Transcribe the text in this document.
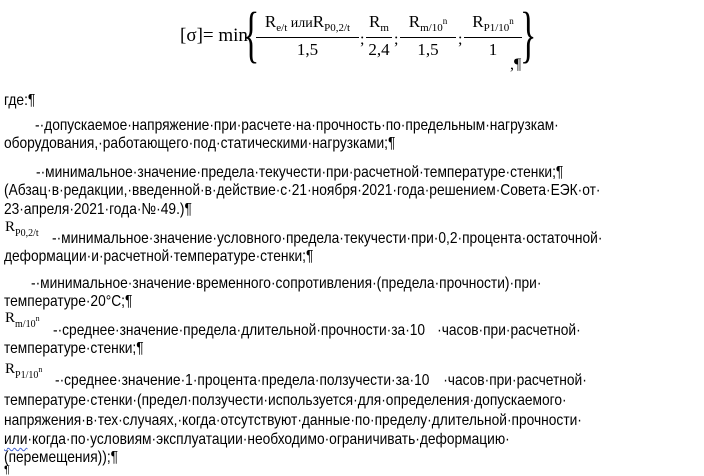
[σ]= min
{ $R_{e/t}$ илиR$_{P0,2/t}$
1,5
;
$R_m$
2,4
;
$R_{m/10}n$
1,5
;
$R_{P1/10}n$
1 }
,¶
где:¶
-·допускаемое·напряжение·при·расчете·на·прочность·по·предельным·нагрузкам·
оборудования,·работающего·под·статическими·нагрузками;¶
-·минимальное·значение·предела·текучести·при·расчетной·температуре·стенки;¶
(Абзац·в·редакции,·введенной·в·действие·с·21·ноября·2021·года·решением·Совета·ЕЭК·от·
23·апреля·2021·года·№·49.)¶
$R_{P0,2/t}$ -·минимальное·значение·условного·предела·текучести·при·0,2·процента·остаточной·
деформации·и·расчетной·температуре·стенки;¶
-·минимальное·значение·временного·сопротивления·(предела·прочности)·при·
температуре·20°С;¶
$R_{m/10}n$
-·среднее·значение·предела·длительной·прочности·за·10 ·часов·при·расчетной·
температуре·стенки;¶
$R_{P1/10}n$
-·среднее·значение·1·процента·предела·ползучести·за·10 ·часов·при·расчетной·
температуре·стенки·(предел·ползучести·используется·для·определения·допускаемого·
напряжения·в·тех·случаях,·когда·отсутствуют·данные·по·пределу·длительной·прочности·
или·когда·по·условиям·эксплуатации·необходимо·ограничивать·деформацию·
(перемещения));¶
¶
